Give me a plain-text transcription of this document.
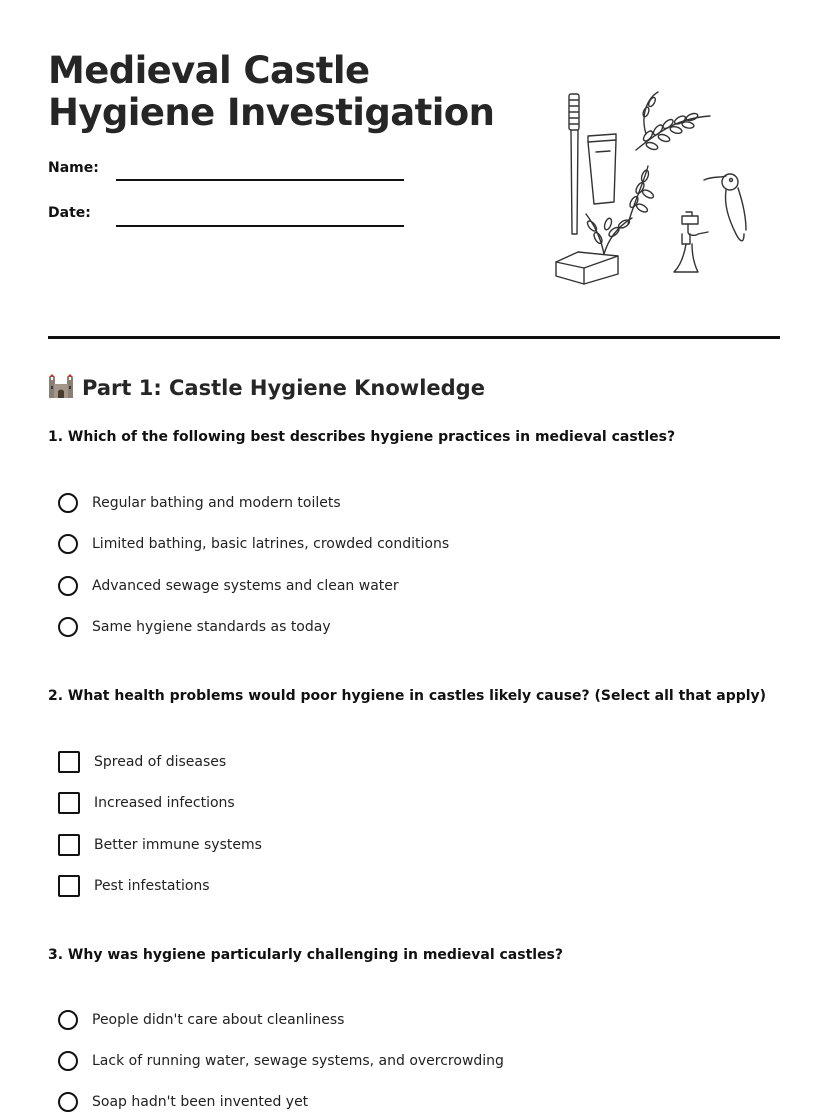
Medieval Castle
Hygiene Investigation
Name:
Date:
Part 1: Castle Hygiene Knowledge

1. Which of the following best describes hygiene practices in medieval castles?

Regular bathing and modern toilets
Limited bathing, basic latrines, crowded conditions
Advanced sewage systems and clean water
Same hygiene standards as today

2. What health problems would poor hygiene in castles likely cause? (Select all that apply)

Spread of diseases
Increased infections
Better immune systems
Pest infestations

3. Why was hygiene particularly challenging in medieval castles?

People didn't care about cleanliness
Lack of running water, sewage systems, and overcrowding
Soap hadn't been invented yet
